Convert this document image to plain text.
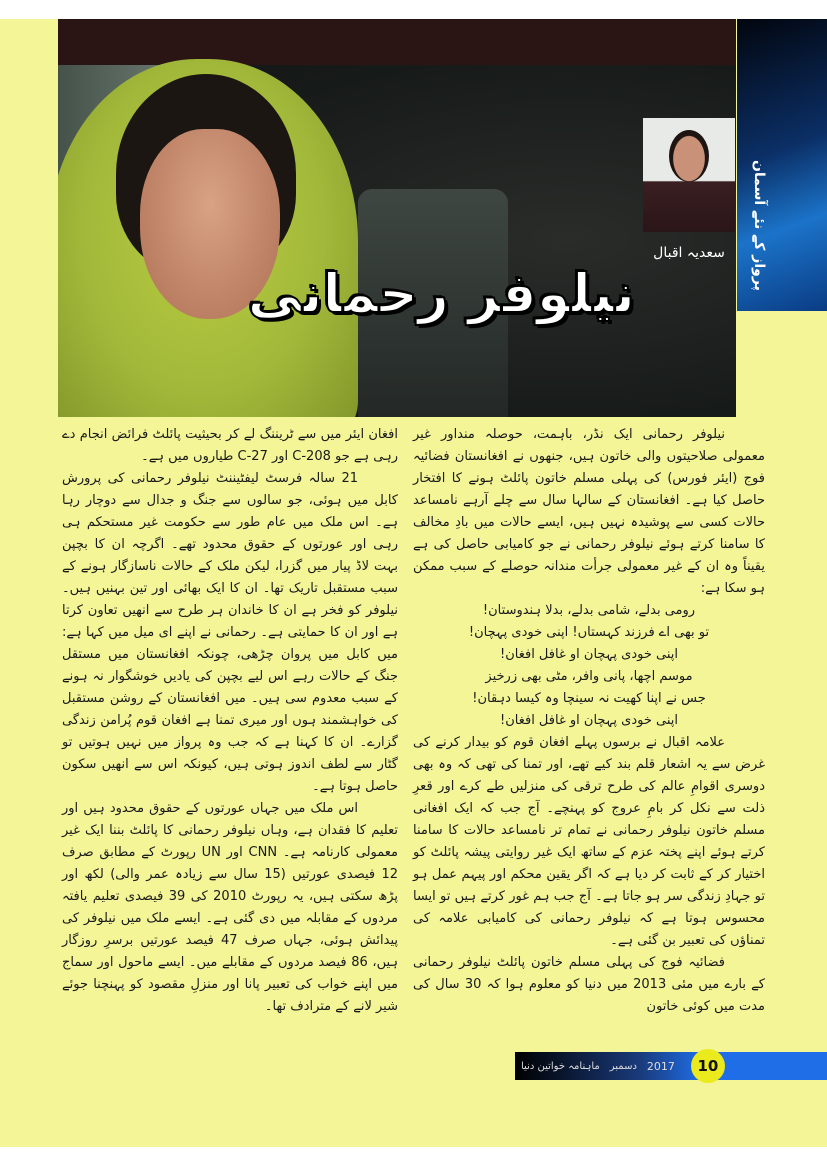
پرواز کے نئے آسمان
سعدیہ اقبال
نیلوفر رحمانی

نیلوفر رحمانی ایک نڈر، باہمت، حوصلہ منداور غیر معمولی صلاحیتوں والی خاتون ہیں، جنھوں نے افغانستان فضائیہ فوج (ایئر فورس) کی پہلی مسلم خاتون پائلٹ ہونے کا افتخار حاصل کیا ہے۔ افغانستان کے سالہا سال سے چلے آرہے نامساعد حالات کسی سے پوشیدہ نہیں ہیں، ایسے حالات میں بادِ مخالف کا سامنا کرتے ہوئے نیلوفر رحمانی نے جو کامیابی حاصل کی ہے یقیناً وہ ان کے غیر معمولی جرأت مندانہ حوصلے کے سبب ممکن ہو سکا ہے:

رومی بدلے، شامی بدلے، بدلا ہندوستان!

تو بھی اے فرزند کہستاں! اپنی خودی پہچان!

اپنی خودی پہچان او غافل افغان!

موسم اچھا، پانی وافر، مٹی بھی زرخیز

جس نے اپنا کھیت نہ سینچا وہ کیسا دہقان!

اپنی خودی پہچان او غافل افغان!

علامہ اقبال نے برسوں پہلے افغان قوم کو بیدار کرنے کی غرض سے یہ اشعار قلم بند کیے تھے، اور تمنا کی تھی کہ وہ بھی دوسری اقوامِ عالم کی طرح ترقی کی منزلیں طے کرے اور قعرِ ذلت سے نکل کر بامِ عروج کو پہنچے۔ آج جب کہ ایک افغانی مسلم خاتون نیلوفر رحمانی نے تمام تر نامساعد حالات کا سامنا کرتے ہوئے اپنے پختہ عزم کے ساتھ ایک غیر روایتی پیشہ پائلٹ کو اختیار کر کے ثابت کر دیا ہے کہ اگر یقین محکم اور پیہم عمل ہو تو جہادِ زندگی سر ہو جاتا ہے۔ آج جب ہم غور کرتے ہیں تو ایسا محسوس ہوتا ہے کہ نیلوفر رحمانی کی کامیابی علامہ کی تمناؤں کی تعبیر بن گئی ہے۔

فضائیہ فوج کی پہلی مسلم خاتون پائلٹ نیلوفر رحمانی کے بارے میں مئی 2013 میں دنیا کو معلوم ہوا کہ 30 سال کی مدت میں کوئی خاتون

افغان ایئر میں سے ٹریننگ لے کر بحیثیت پائلٹ فرائض انجام دے رہی ہے جو C-208 اور C-27 طیاروں میں ہے۔

21 سالہ فرسٹ لیفٹیننٹ نیلوفر رحمانی کی پرورش کابل میں ہوئی، جو سالوں سے جنگ و جدال سے دوچار رہا ہے۔ اس ملک میں عام طور سے حکومت غیر مستحکم ہی رہی اور عورتوں کے حقوق محدود تھے۔ اگرچہ ان کا بچپن بہت لاڈ پیار میں گزرا، لیکن ملک کے حالات ناسازگار ہونے کے سبب مستقبل تاریک تھا۔ ان کا ایک بھائی اور تین بہنیں ہیں۔ نیلوفر کو فخر ہے ان کا خاندان ہر طرح سے انھیں تعاون کرتا ہے اور ان کا حمایتی ہے۔ رحمانی نے اپنے ای میل میں کہا ہے: میں کابل میں پروان چڑھی، چونکہ افغانستان میں مستقل جنگ کے حالات رہے اس لیے بچپن کی یادیں خوشگوار نہ ہونے کے سبب معدوم سی ہیں۔ میں افغانستان کے روشن مستقبل کی خواہشمند ہوں اور میری تمنا ہے افغان قوم پُرامن زندگی گزارے۔ ان کا کہنا ہے کہ جب وہ پرواز میں نہیں ہوتیں تو گٹار سے لطف اندوز ہوتی ہیں، کیونکہ اس سے انھیں سکون حاصل ہوتا ہے۔

اس ملک میں جہاں عورتوں کے حقوق محدود ہیں اور تعلیم کا فقدان ہے، وہاں نیلوفر رحمانی کا پائلٹ بننا ایک غیر معمولی کارنامہ ہے۔ CNN اور UN رپورٹ کے مطابق صرف 12 فیصدی عورتیں (15 سال سے زیادہ عمر والی) لکھ اور پڑھ سکتی ہیں، یہ رپورٹ 2010 کی 39 فیصدی تعلیم یافتہ مردوں کے مقابلہ میں دی گئی ہے۔ ایسے ملک میں نیلوفر کی پیدائش ہوئی، جہاں صرف 47 فیصد عورتیں برسرِ روزگار ہیں، 86 فیصد مردوں کے مقابلے میں۔ ایسے ماحول اور سماج میں اپنے خواب کی تعبیر پانا اور منزلِ مقصود کو پہنچنا جوئے شیر لانے کے مترادف تھا۔

ماہنامہ خواتین دنیا دسمبر 2017	10
